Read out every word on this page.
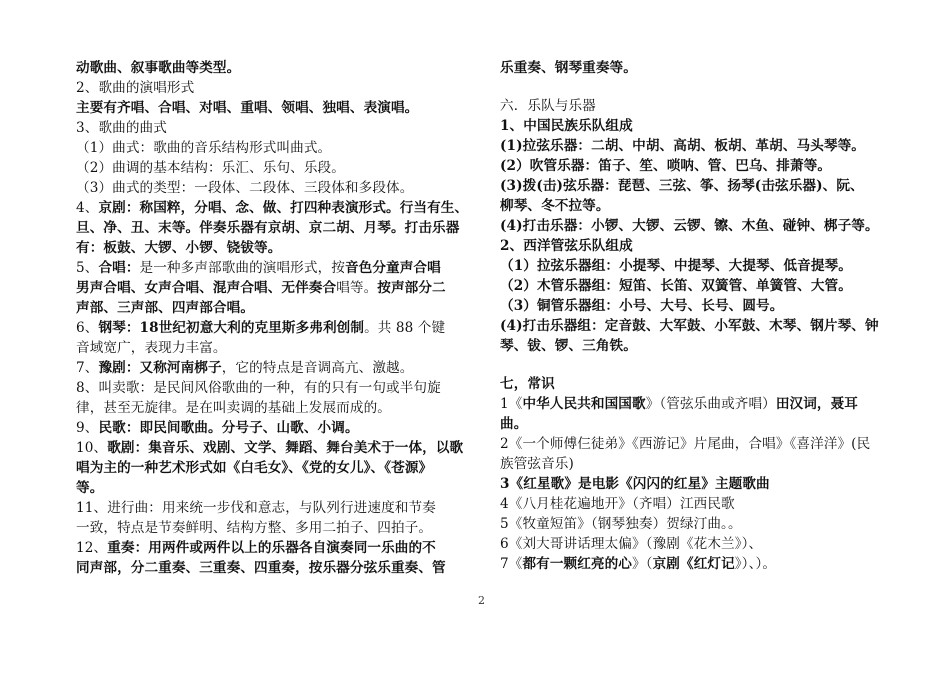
动歌曲、叙事歌曲等类型。
2、歌曲的演唱形式
主要有齐唱、合唱、对唱、重唱、领唱、独唱、表演唱。
3、歌曲的曲式
（1）曲式：歌曲的音乐结构形式叫曲式。
（2）曲调的基本结构：乐汇、乐句、乐段。
（3）曲式的类型：一段体、二段体、三段体和多段体。
4、京剧：称国粹，分唱、念、做、打四种表演形式。行当有生、
旦、净、丑、末等。伴奏乐器有京胡、京二胡、月琴。打击乐器
有：板鼓、大锣、小锣、铙钹等。
5、合唱：是一种多声部歌曲的演唱形式，按音色分童声合唱
男声合唱、女声合唱、混声合唱、无伴奏合唱等。按声部分二
声部、三声部、四声部合唱。
6、钢琴：18世纪初意大利的克里斯多弗利创制。共 88 个键
音域宽广，表现力丰富。
7、豫剧：又称河南梆子，它的特点是音调高亢、激越。
8、叫卖歌：是民间风俗歌曲的一种，有的只有一句或半句旋
律，甚至无旋律。是在叫卖调的基础上发展而成的。
9、民歌：即民间歌曲。分号子、山歌、小调。
10、歌剧：集音乐、戏剧、文学、舞蹈、舞台美术于一体，以歌
唱为主的一种艺术形式如《白毛女》、《党的女儿》、《苍源》
等。
11、进行曲：用来统一步伐和意志，与队列行进速度和节奏
一致，特点是节奏鲜明、结构方整、多用二拍子、四拍子。
12、重奏：用两件或两件以上的乐器各自演奏同一乐曲的不
同声部，分二重奏、三重奏、四重奏，按乐器分弦乐重奏、管
乐重奏、钢琴重奏等。
六．乐队与乐器
1、中国民族乐队组成
(1)拉弦乐器：二胡、中胡、高胡、板胡、革胡、马头琴等。
(2）吹管乐器：笛子、笙、唢呐、管、巴乌、排萧等。
(3)拨(击)弦乐器：琵琶、三弦、筝、扬琴(击弦乐器)、阮、
柳琴、冬不拉等。
(4)打击乐器：小锣、大锣、云锣、镲、木鱼、碰钟、梆子等。
2、西洋管弦乐队组成
（1）拉弦乐器组：小提琴、中提琴、大提琴、低音提琴。
（2）木管乐器组：短笛、长笛、双簧管、单簧管、大管。
（3）铜管乐器组：小号、大号、长号、圆号。
(4)打击乐器组：定音鼓、大军鼓、小军鼓、木琴、钢片琴、钟
琴、钹、锣、三角铁。
七，常识
1《中华人民共和国国歌》（管弦乐曲或齐唱）田汉词，聂耳
曲。
2《一个师傅仨徒弟》《西游记》片尾曲，合唱》《喜洋洋》(民
族管弦音乐)
3《红星歌》是电影《闪闪的红星》主题歌曲
4《八月桂花遍地开》（齐唱）江西民歌
5《牧童短笛》（钢琴独奏）贺绿汀曲。。
6《刘大哥讲话理太偏》（豫剧《花木兰》）、
7《都有一颗红亮的心》（京剧《红灯记》）、）。
2
